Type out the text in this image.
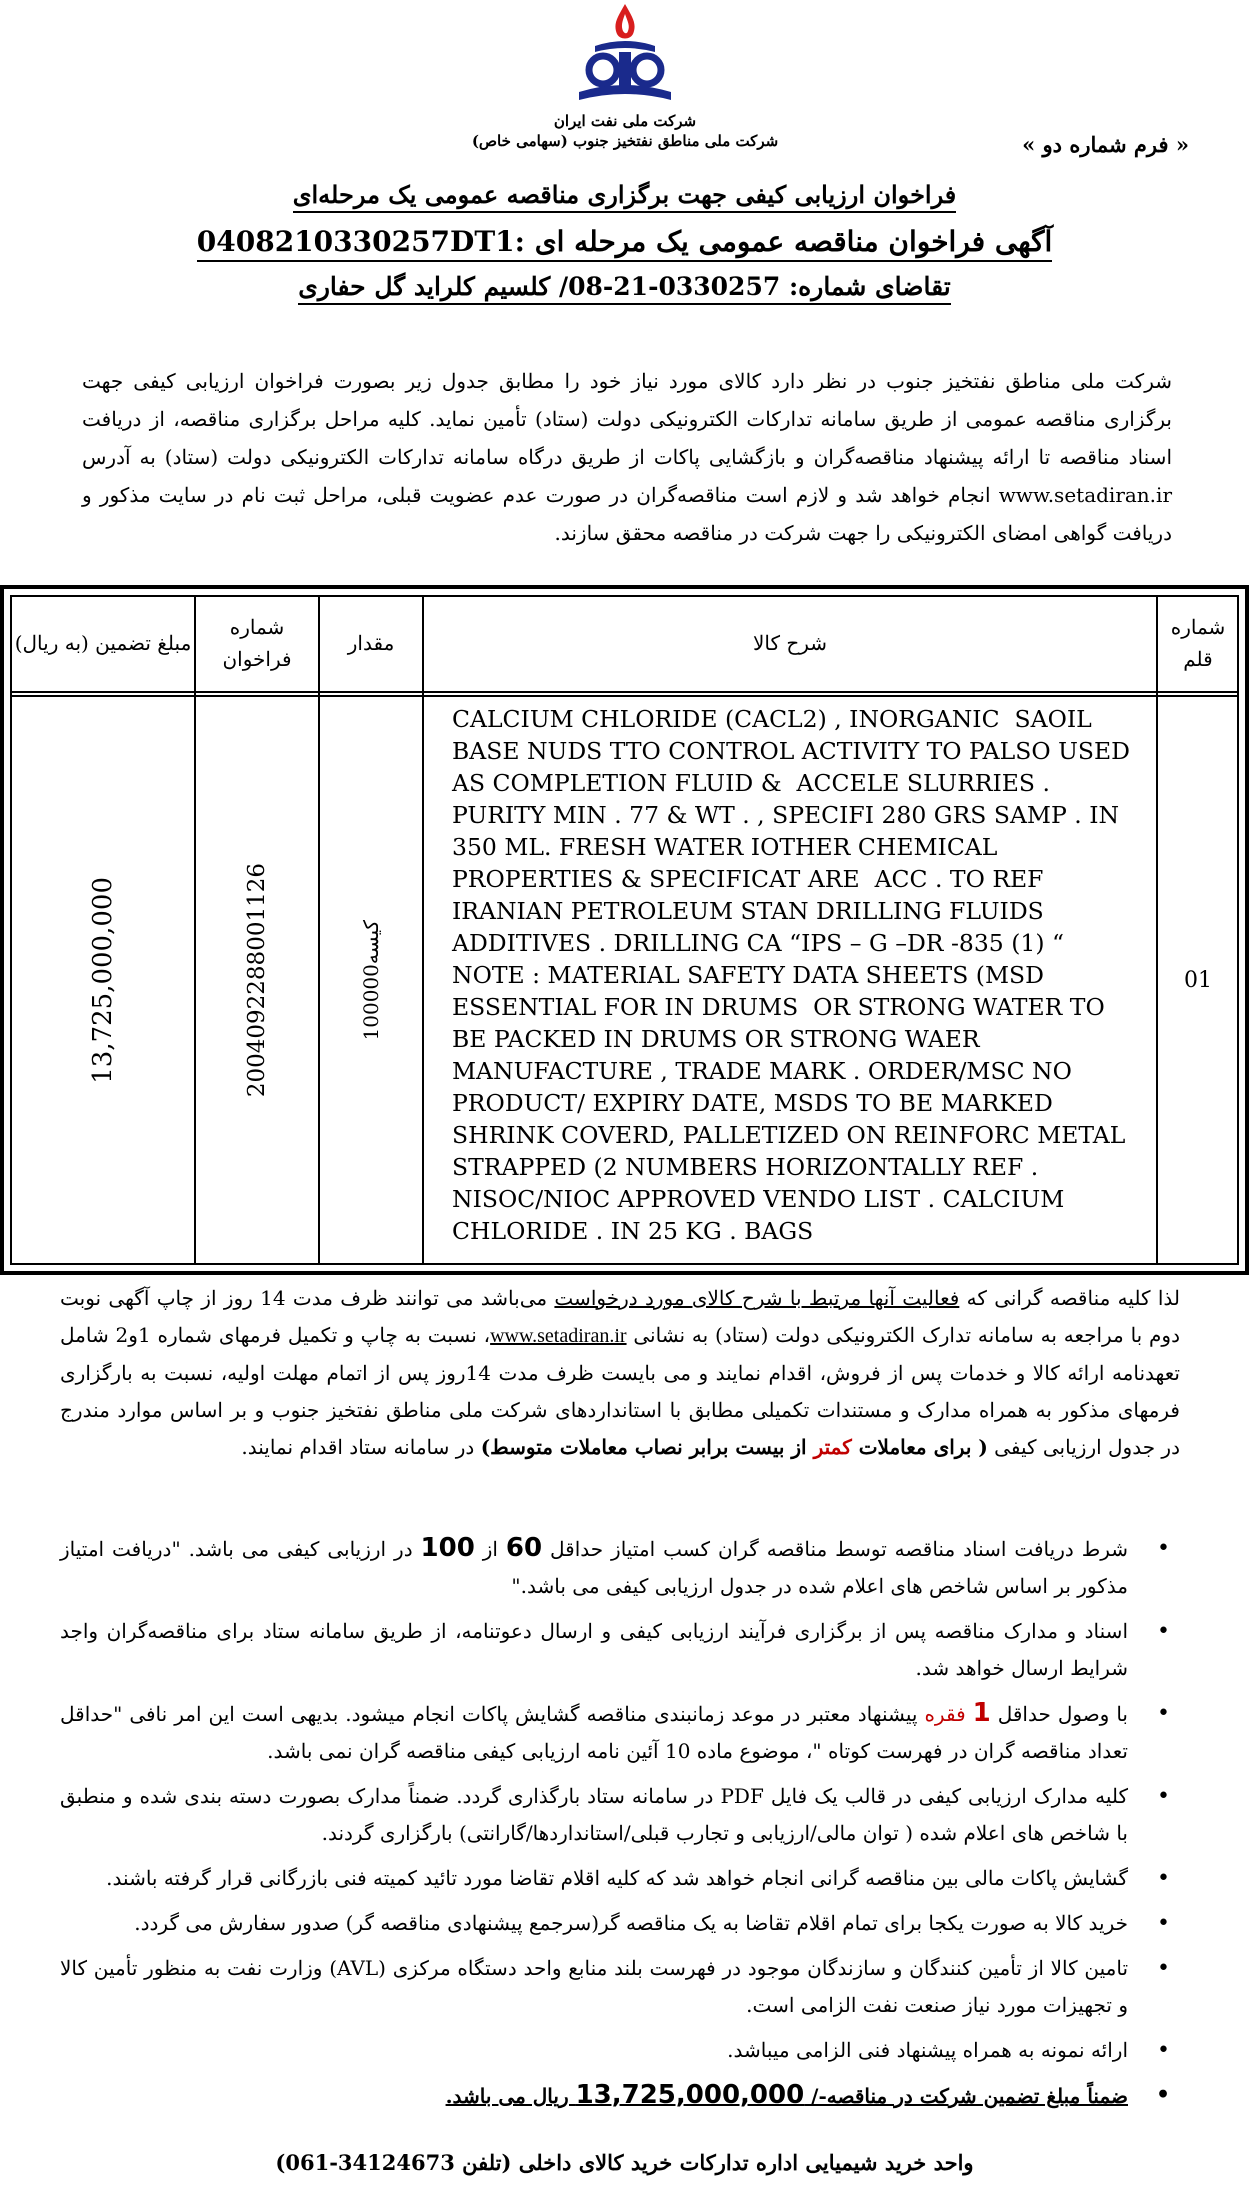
شرکت ملی نفت ایران
شرکت ملی مناطق نفتخیز جنوب (سهامی خاص)	« فرم شماره دو »
فراخوان ارزیابی کیفی جهت برگزاری مناقصه عمومی یک مرحله‌ای
آگهی فراخوان مناقصه عمومی یک مرحله ای :0408210330257DT1
تقاضای شماره: 0330257-21-08/ کلسیم کلراید گل حفاری
شرکت ملی مناطق نفتخیز جنوب در نظر دارد کالای مورد نیاز خود را مطابق جدول زیر بصورت فراخوان ارزیابی کیفی جهت برگزاری مناقصه عمومی از طریق سامانه تدارکات الکترونیکی دولت (ستاد) تأمین نماید. کلیه مراحل برگزاری مناقصه، از دریافت اسناد مناقصه تا ارائه پیشنهاد مناقصه‌گران و بازگشایی پاکات از طریق درگاه سامانه تدارکات الکترونیکی دولت (ستاد) به آدرس www.setadiran.ir انجام خواهد شد و لازم است مناقصه‌گران در صورت عدم عضویت قبلی، مراحل ثبت نام در سایت مذکور و دریافت گواهی امضای الکترونیکی را جهت شرکت در مناقصه محقق سازند.
شماره قلم
شرح کالا
مقدار
شماره فراخوان
مبلغ تضمین (به ریال)
01
CALCIUM CHLORIDE (CACL2) , INORGANIC  SAOIL BASE NUDS TTO CONTROL ACTIVITY TO PALSO USED AS COMPLETION FLUID &  ACCELE SLURRIES . PURITY MIN . 77 & WT . , SPECIFI 280 GRS SAMP . IN 350 ML. FRESH WATER IOTHER CHEMICAL  PROPERTIES & SPECIFICAT ARE  ACC . TO REF IRANIAN PETROLEUM STAN DRILLING FLUIDS ADDITIVES . DRILLING CA “IPS – G –DR -835 (1) “
NOTE : MATERIAL SAFETY DATA SHEETS (MSD ESSENTIAL FOR IN DRUMS  OR STRONG WATER TO BE PACKED IN DRUMS OR STRONG WAER MANUFACTURE , TRADE MARK . ORDER/MSC NO PRODUCT/ EXPIRY DATE, MSDS TO BE MARKED SHRINK COVERD, PALLETIZED ON REINFORC METAL STRAPPED (2 NUMBERS HORIZONTALLY REF . NISOC/NIOC APPROVED VENDO LIST . CALCIUM CHLORIDE . IN 25 KG . BAGS
100000کیسه
2004092288001126
13,725,000,000
لذا کلیه مناقصه گرانی که فعالیت آنها مرتبط با شرح کالای مورد درخواست می‌باشد می توانند ظرف مدت 14 روز از چاپ آگهی نوبت دوم با مراجعه به سامانه تدارک الکترونیکی دولت (ستاد) به نشانی www.setadiran.ir، نسبت به چاپ و تکمیل فرمهای شماره 1و2 شامل تعهدنامه ارائه کالا و خدمات پس از فروش، اقدام نمایند و می بایست ظرف مدت 14روز پس از اتمام مهلت اولیه، نسبت به بارگزاری فرمهای مذکور به همراه مدارک و مستندات تکمیلی مطابق با استانداردهای شرکت ملی مناطق نفتخیز جنوب و بر اساس موارد مندرج در جدول ارزیابی کیفی ( برای معاملات کمتر از بیست برابر نصاب معاملات متوسط) در سامانه ستاد اقدام نمایند.
• شرط دریافت اسناد مناقصه توسط مناقصه گران کسب امتیاز حداقل 60 از 100 در ارزیابی کیفی می باشد. "دریافت امتیاز مذکور بر اساس شاخص های اعلام شده در جدول ارزیابی کیفی می باشد."
• اسناد و مدارک مناقصه پس از برگزاری فرآیند ارزیابی کیفی و ارسال دعوتنامه، از طریق سامانه ستاد برای مناقصه‌گران واجد شرایط ارسال خواهد شد.
• با وصول حداقل 1 فقره پیشنهاد معتبر در موعد زمانبندی مناقصه گشایش پاکات انجام میشود. بدیهی است این امر نافی "حداقل تعداد مناقصه گران در فهرست کوتاه "، موضوع ماده 10 آئین نامه ارزیابی کیفی مناقصه گران نمی باشد.
• کلیه مدارک ارزیابی کیفی در قالب یک فایل PDF در سامانه ستاد بارگذاری گردد. ضمناً مدارک بصورت دسته بندی شده و منطبق با شاخص های اعلام شده ( توان مالی/ارزیابی و تجارب قبلی/استانداردها/گارانتی) بارگزاری گردند.
• گشایش پاکات مالی بین مناقصه گرانی انجام خواهد شد که کلیه اقلام تقاضا مورد تائید کمیته فنی بازرگانی قرار گرفته باشند.
• خرید کالا به صورت یکجا برای تمام اقلام تقاضا به یک مناقصه گر(سرجمع پیشنهادی مناقصه گر) صدور سفارش می گردد.
• تامین کالا از تأمین کنندگان و سازندگان موجود در فهرست بلند منابع واحد دستگاه مرکزی (AVL) وزارت نفت به منظور تأمین کالا و تجهیزات مورد نیاز صنعت نفت الزامی است.
• ارائه نمونه به همراه پیشنهاد فنی الزامی میباشد.
• ضمناً مبلغ تضمین شرکت در مناقصه-/ 13,725,000,000 ریال می باشد.
واحد خرید شیمیایی اداره تدارکات خرید کالای داخلی (تلفن 34124673-061)
